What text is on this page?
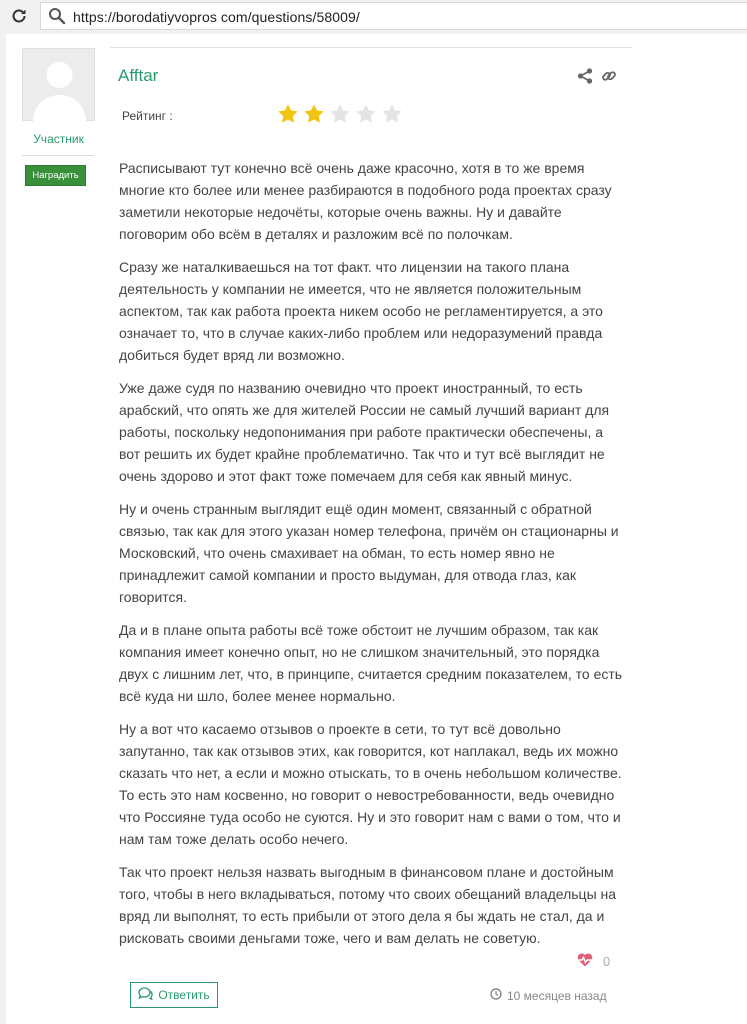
https://borodatiyvopros com/questions/58009/
Участник
Наградить
Afftar
Рейтинг :

Расписывают тут конечно всё очень даже красочно, хотя в то же время многие кто более или менее разбираются в подобного рода проектах сразу заметили некоторые недочёты, которые очень важны. Ну и давайте поговорим обо всём в деталях и разложим всё по полочкам.

Сразу же наталкиваешься на тот факт. что лицензии на такого плана деятельность у компании не имеется, что не является положительным аспектом, так как работа проекта никем особо не регламентируется, а это означает то, что в случае каких-либо проблем или недоразумений правда добиться будет вряд ли возможно.

Уже даже судя по названию очевидно что проект иностранный, то есть арабский, что опять же для жителей России не самый лучший вариант для работы, поскольку недопонимания при работе практически обеспечены, а вот решить их будет крайне проблематично. Так что и тут всё выглядит не очень здорово и этот факт тоже помечаем для себя как явный минус.

Ну и очень странным выглядит ещё один момент, связанный с обратной связью, так как для этого указан номер телефона, причём он стационарны и Московский, что очень смахивает на обман, то есть номер явно не принадлежит самой компании и просто выдуман, для отвода глаз, как говорится.

Да и в плане опыта работы всё тоже обстоит не лучшим образом, так как компания имеет конечно опыт, но не слишком значительный, это порядка двух с лишним лет, что, в принципе, считается средним показателем, то есть всё куда ни шло, более менее нормально.

Ну а вот что касаемо отзывов о проекте в сети, то тут всё довольно запутанно, так как отзывов этих, как говорится, кот наплакал, ведь их можно сказать что нет, а если и можно отыскать, то в очень небольшом количестве. То есть это нам косвенно, но говорит о невостребованности, ведь очевидно что Россияне туда особо не суются. Ну и это говорит нам с вами о том, что и нам там тоже делать особо нечего.

Так что проект нельзя назвать выгодным в финансовом плане и достойным того, чтобы в него вкладываться, потому что своих обещаний владельцы на вряд ли выполнят, то есть прибыли от этого дела я бы ждать не стал, да и рисковать своими деньгами тоже, чего и вам делать не советую.

0
Ответить	10 месяцев назад
